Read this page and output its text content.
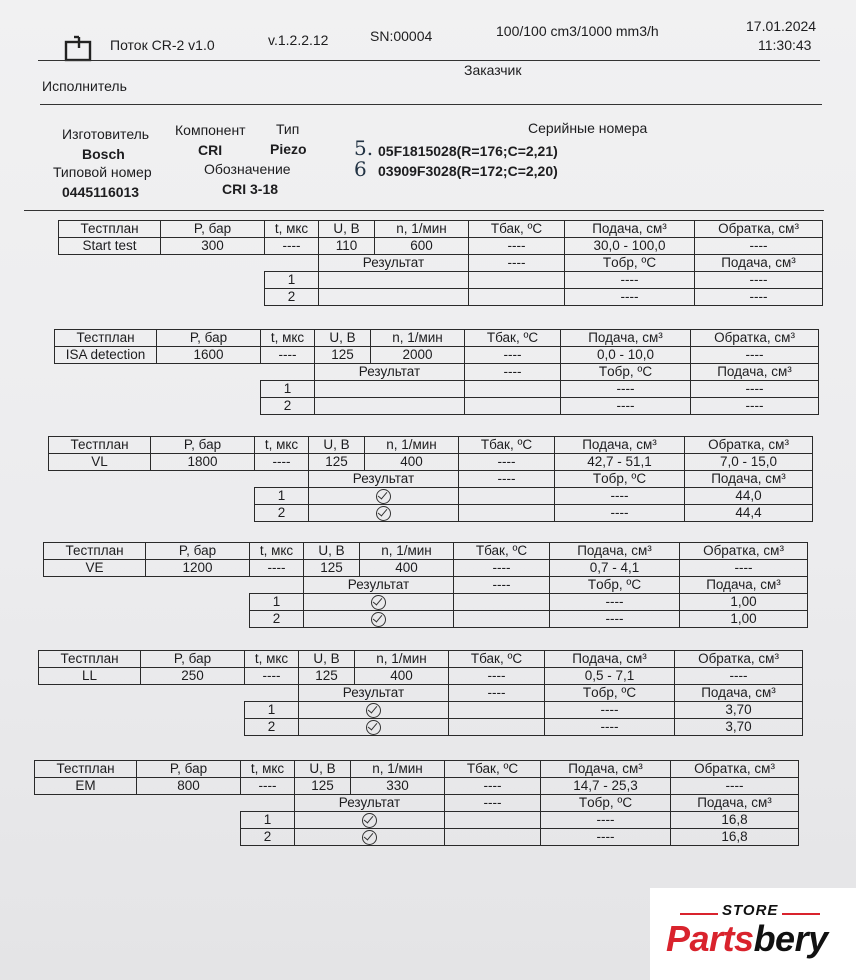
Поток CR-2 v1.0	v.1.2.2.12	SN:00004	100/100 cm3/1000 mm3/h	17.01.2024
11:30:43
Заказчик
Исполнитель
Изготовитель
Bosch
Типовой номер
0445116013
Компонент
CRI
Обозначение
CRI 3-18
Тип
Piezo
Серийные номера
5.
6
05F1815028(R=176;C=2,21)
03909F3028(R=172;C=2,20)
Тестплан	P, бар	t, мкс	U, В	n, 1/мин	Tбак, ºC	Подача, см³	Обратка, см³	
Start test	300	----	110	600	----	30,0 - 100,0	----	
			Результат		----	Tобр, ºC	Подача, см³	
		1				----	----	
		2				----	----	
Тестплан	P, бар	t, мкс	U, В	n, 1/мин	Tбак, ºC	Подача, см³	Обратка, см³	
ISA detection	1600	----	125	2000	----	0,0 - 10,0	----	
			Результат		----	Tобр, ºC	Подача, см³	
		1				----	----	
		2				----	----	
Тестплан	P, бар	t, мкс	U, В	n, 1/мин	Tбак, ºC	Подача, см³	Обратка, см³	
VL	1800	----	125	400	----	42,7 - 51,1	7,0 - 15,0	
			Результат		----	Tобр, ºC	Подача, см³	
		1				----	44,0	
		2				----	44,4	
Тестплан	P, бар	t, мкс	U, В	n, 1/мин	Tбак, ºC	Подача, см³	Обратка, см³	
VE	1200	----	125	400	----	0,7 - 4,1	----	
			Результат		----	Tобр, ºC	Подача, см³	
		1				----	1,00	
		2				----	1,00	
Тестплан	P, бар	t, мкс	U, В	n, 1/мин	Tбак, ºC	Подача, см³	Обратка, см³	
LL	250	----	125	400	----	0,5 - 7,1	----	
			Результат		----	Tобр, ºC	Подача, см³	
		1				----	3,70	
		2				----	3,70	
Тестплан	P, бар	t, мкс	U, В	n, 1/мин	Tбак, ºC	Подача, см³	Обратка, см³	
EM	800	----	125	330	----	14,7 - 25,3	----	
			Результат		----	Tобр, ºC	Подача, см³	
		1				----	16,8	
		2				----	16,8	
STORE
Partsbery
